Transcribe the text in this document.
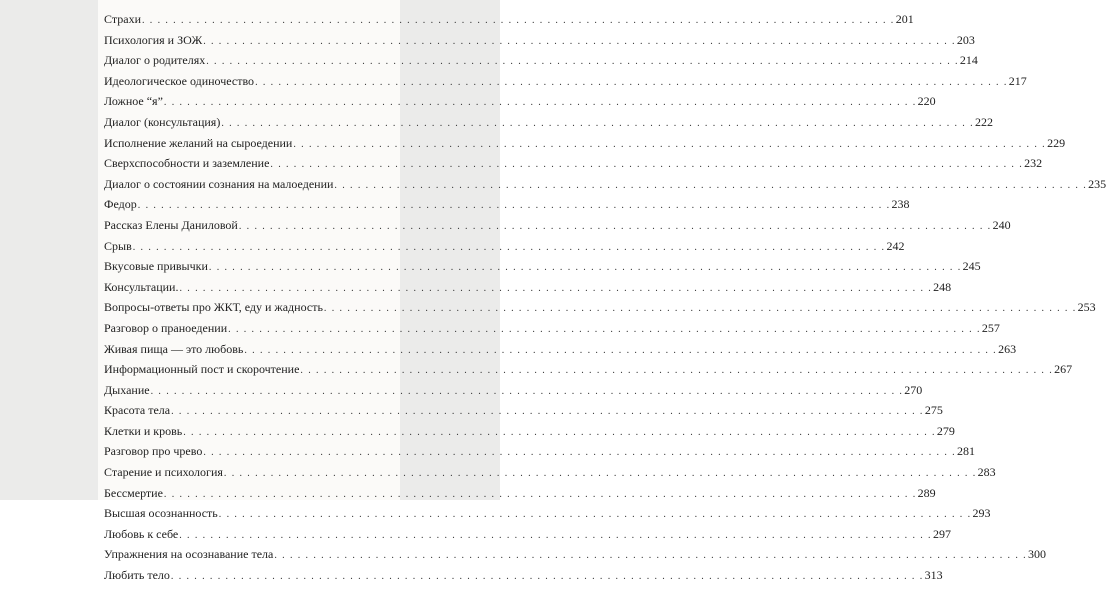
Страхи . . .	201
Психология и ЗОЖ . . .	203
Диалог о родителях . . .	214
Идеологическое одиночество . . .	217
Ложное “я” . . .	220
Диалог (консультация) . . .	222
Исполнение желаний на сыроедении . . .	229
Сверхспособности и заземление . . .	232
Диалог о состоянии сознания на малоедении . . .	235
Федор . . .	238
Рассказ Елены Даниловой . . .	240
Срыв . . .	242
Вкусовые привычки . . .	245
Консультации. . . .	248
Вопросы-ответы про ЖКТ, еду и жадность . . .	253
Разговор о праноедении . . .	257
Живая пища — это любовь . . .	263
Информационный пост и скорочтение . . .	267
Дыхание . . .	270
Красота тела . . .	275
Клетки и кровь . . .	279
Разговор про чрево . . .	281
Старение и психология . . .	283
Бессмертие . . .	289
Высшая осознанность . . .	293
Любовь к себе . . .	297
Упражнения на осознавание тела . . .	300
Любить тело . . .	313
